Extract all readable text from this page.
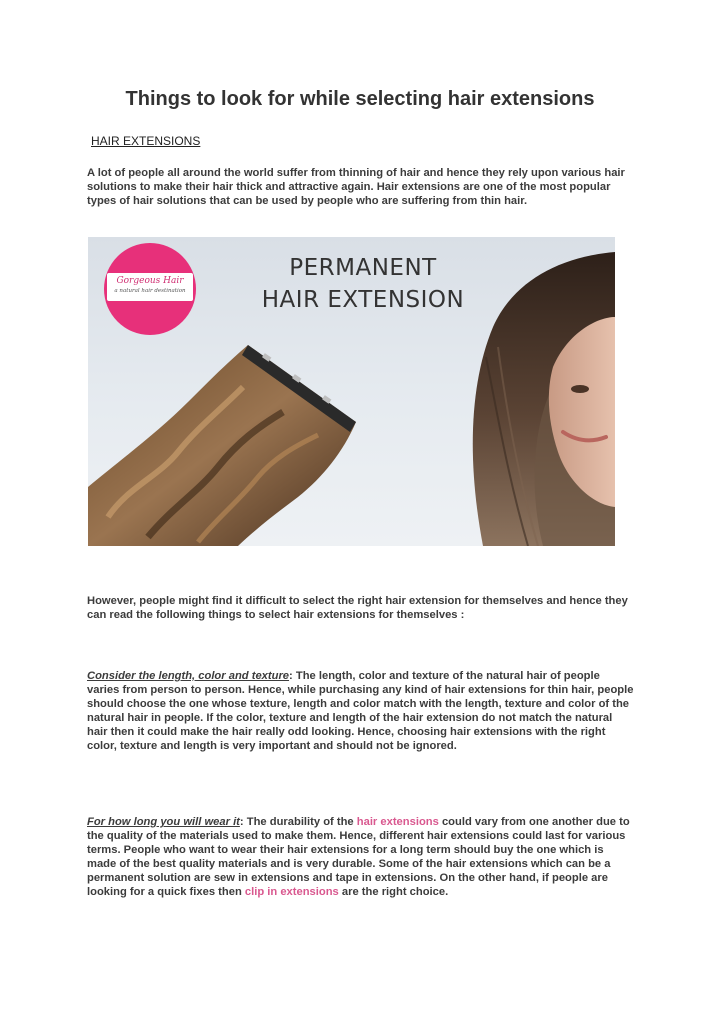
Things to look for while selecting hair extensions
HAIR EXTENSIONS

A lot of people all around the world suffer from thinning of hair and hence they rely upon various hair solutions to make their hair thick and attractive again. Hair extensions are one of the most popular types of hair solutions that can be used by people who are suffering from thin hair.

Gorgeous Hair
a natural hair destination
PERMANENT
HAIR EXTENSION

However, people might find it difficult to select the right hair extension for themselves and hence they can read the following things to select hair extensions for themselves :

Consider the length, color and texture: The length, color and texture of the natural hair of people varies from person to person. Hence, while purchasing any kind of hair extensions for thin hair, people should choose the one whose texture, length and color match with the length, texture and color of the natural hair in people. If the color, texture and length of the hair extension do not match the natural hair then it could make the hair really odd looking. Hence, choosing hair extensions with the right color, texture and length is very important and should not be ignored.

For how long you will wear it: The durability of the hair extensions could vary from one another due to the quality of the materials used to make them. Hence, different hair extensions could last for various terms. People who want to wear their hair extensions for a long term should buy the one which is made of the best quality materials and is very durable. Some of the hair extensions which can be a permanent solution are sew in extensions and tape in extensions. On the other hand, if people are looking for a quick fixes then clip in extensions are the right choice.
